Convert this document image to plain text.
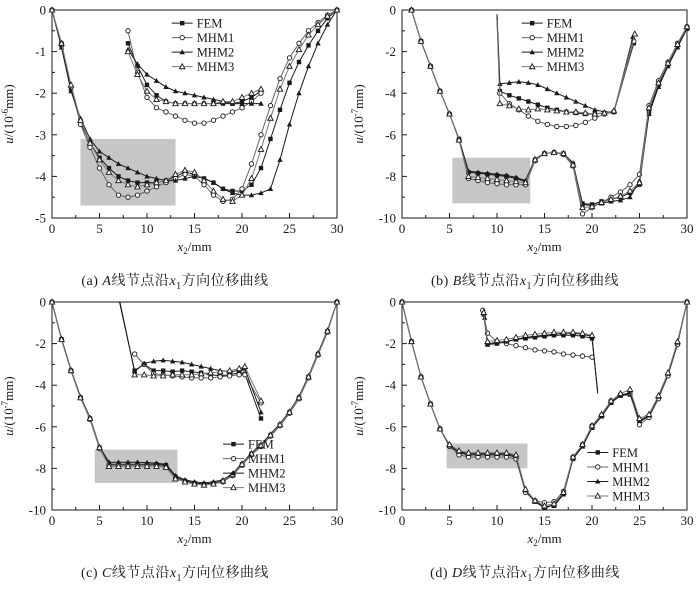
0	5	10	15	20	25	30
0
-1
-2
-3
-4
-5
$x_2/mm$
$u/(10^{-6}mm)$
FEM
MHM1
MHM2
MHM3
(a) A线节点沿$x_1$方向位移曲线
0	5	10	15	20	25	30
0
-2
-4
-6
-8
-10
$x_2/mm$
$u/(10^{-7}mm)$
FEM
MHM1
MHM2
MHM3
(b) B线节点沿$x_1$方向位移曲线
0	5	10	15	20	25	30
0
-2
-4
-6
-8
-10
$x_2/mm$
$u/(10^{-7}mm)$
FEM
MHM1
MHM2
MHM3
(c) C线节点沿$x_1$方向位移曲线
0	5	10	15	20	25	30
0
-2
-4
-6
-8
-10
$x_2/mm$
$u/(10^{-7}mm)$
FEM
MHM1
MHM2
MHM3
(d) D线节点沿$x_1$方向位移曲线
